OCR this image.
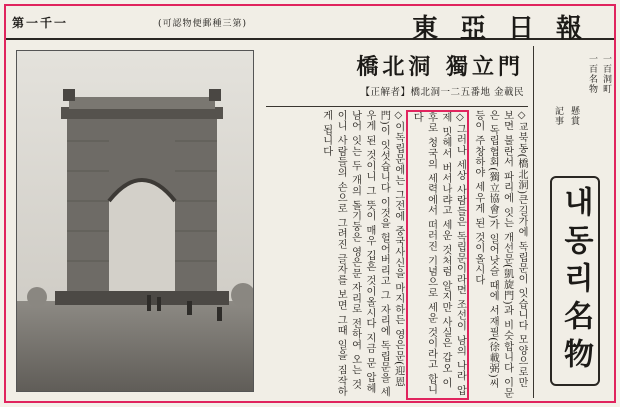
第一千一	(可認物便郵種三第)	東亞日報
橋北洞 獨立門
【正解者】橋北洞一二五番地 金載民

◇교북동(橋北洞)큰길가에 독립문이 잇습니다 모양으로만 보면 불란서 파리에 잇는 개선문(凱旋門)과 비슷합니다 이문은 독립협회(獨立協會)가 일어낫슬 때에 서재필(徐載弼)씨 등이 주창하야 세우게 된 것이올시다

◇그러나 세상 사람들은 독립문이라면 조선이 남의 나라 압제 밋헤서 버서나랴고 세운 것처럼 알지만 사실은 갑오 이후로 청국의 세력에서 떠러진 기념으로 세운 것이라고 합니다

◇이독립문에는 그전에 중국사신을 마지하든 영은문(迎恩門)이 잇섯습니다 이것을 헐어버리고 그 자리에 독립문을 세우게 된 것이니 그 뜻이 매우 깁흔 것이올시다 지금 문 압헤 남어 잇는 두 개의 돌기둥은 영은문 자리로 전하여 오는 것이니 사람들의 손으로 그려진 글자를 보면 그때 일을 짐작하게 됩니다

一百洞町
一百名物
懸賞
記事
내동리名物
